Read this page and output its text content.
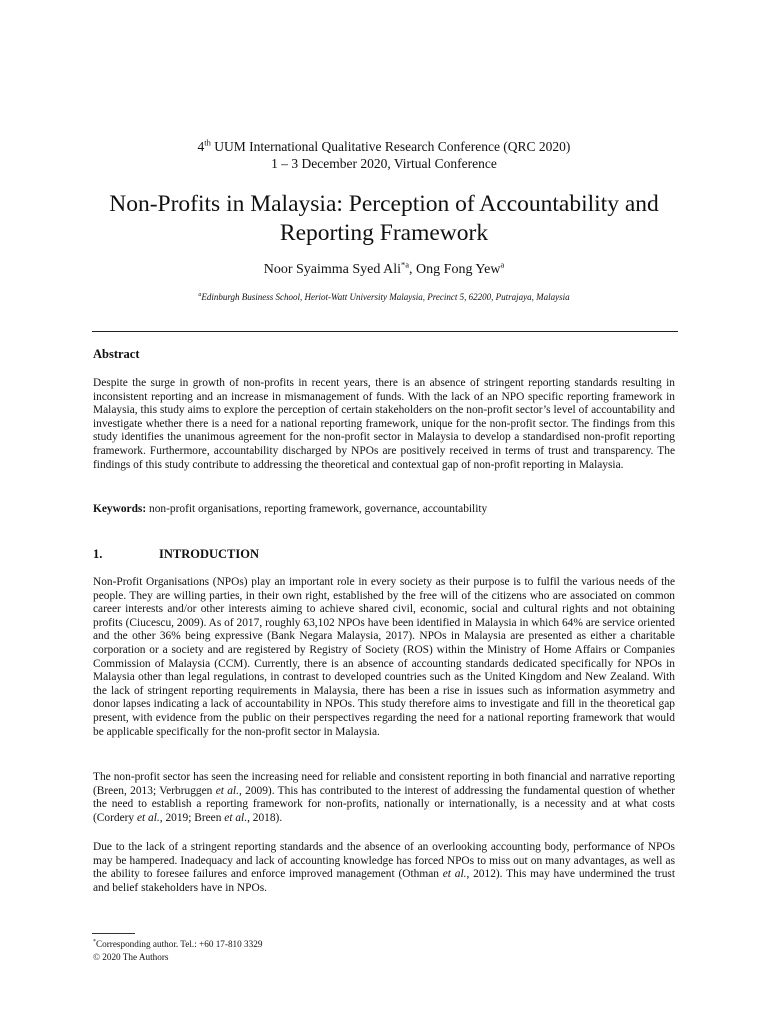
4th UUM International Qualitative Research Conference (QRC 2020)
1 – 3 December 2020, Virtual Conference
Non-Profits in Malaysia: Perception of Accountability and Reporting Framework
Noor Syaimma Syed Ali$^{*a}$, Ong Fong Yew$^a$
$^a$Edinburgh Business School, Heriot-Watt University Malaysia, Precinct 5, 62200, Putrajaya, Malaysia
Abstract

Despite the surge in growth of non-profits in recent years, there is an absence of stringent reporting standards resulting in inconsistent reporting and an increase in mismanagement of funds. With the lack of an NPO specific reporting framework in Malaysia, this study aims to explore the perception of certain stakeholders on the non-profit sector’s level of accountability and investigate whether there is a need for a national reporting framework, unique for the non-profit sector. The findings from this study identifies the unanimous agreement for the non-profit sector in Malaysia to develop a standardised non-profit reporting framework. Furthermore, accountability discharged by NPOs are positively received in terms of trust and transparency. The findings of this study contribute to addressing the theoretical and contextual gap of non-profit reporting in Malaysia.

Keywords: non-profit organisations, reporting framework, governance, accountability
1.	INTRODUCTION

Non-Profit Organisations (NPOs) play an important role in every society as their purpose is to fulfil the various needs of the people. They are willing parties, in their own right, established by the free will of the citizens who are associated on common career interests and/or other interests aiming to achieve shared civil, economic, social and cultural rights and not obtaining profits (Ciucescu, 2009). As of 2017, roughly 63,102 NPOs have been identified in Malaysia in which 64% are service oriented and the other 36% being expressive (Bank Negara Malaysia, 2017). NPOs in Malaysia are presented as either a charitable corporation or a society and are registered by Registry of Society (ROS) within the Ministry of Home Affairs or Companies Commission of Malaysia (CCM). Currently, there is an absence of accounting standards dedicated specifically for NPOs in Malaysia other than legal regulations, in contrast to developed countries such as the United Kingdom and New Zealand. With the lack of stringent reporting requirements in Malaysia, there has been a rise in issues such as information asymmetry and donor lapses indicating a lack of accountability in NPOs. This study therefore aims to investigate and fill in the theoretical gap present, with evidence from the public on their perspectives regarding the need for a national reporting framework that would be applicable specifically for the non-profit sector in Malaysia.

The non-profit sector has seen the increasing need for reliable and consistent reporting in both financial and narrative reporting (Breen, 2013; Verbruggen et al., 2009). This has contributed to the interest of addressing the fundamental question of whether the need to establish a reporting framework for non-profits, nationally or internationally, is a necessity and at what costs (Cordery et al., 2019; Breen et al., 2018).

Due to the lack of a stringent reporting standards and the absence of an overlooking accounting body, performance of NPOs may be hampered. Inadequacy and lack of accounting knowledge has forced NPOs to miss out on many advantages, as well as the ability to foresee failures and enforce improved management (Othman et al., 2012). This may have undermined the trust and belief stakeholders have in NPOs.

*Corresponding author. Tel.: +60 17-810 3329
© 2020 The Authors
